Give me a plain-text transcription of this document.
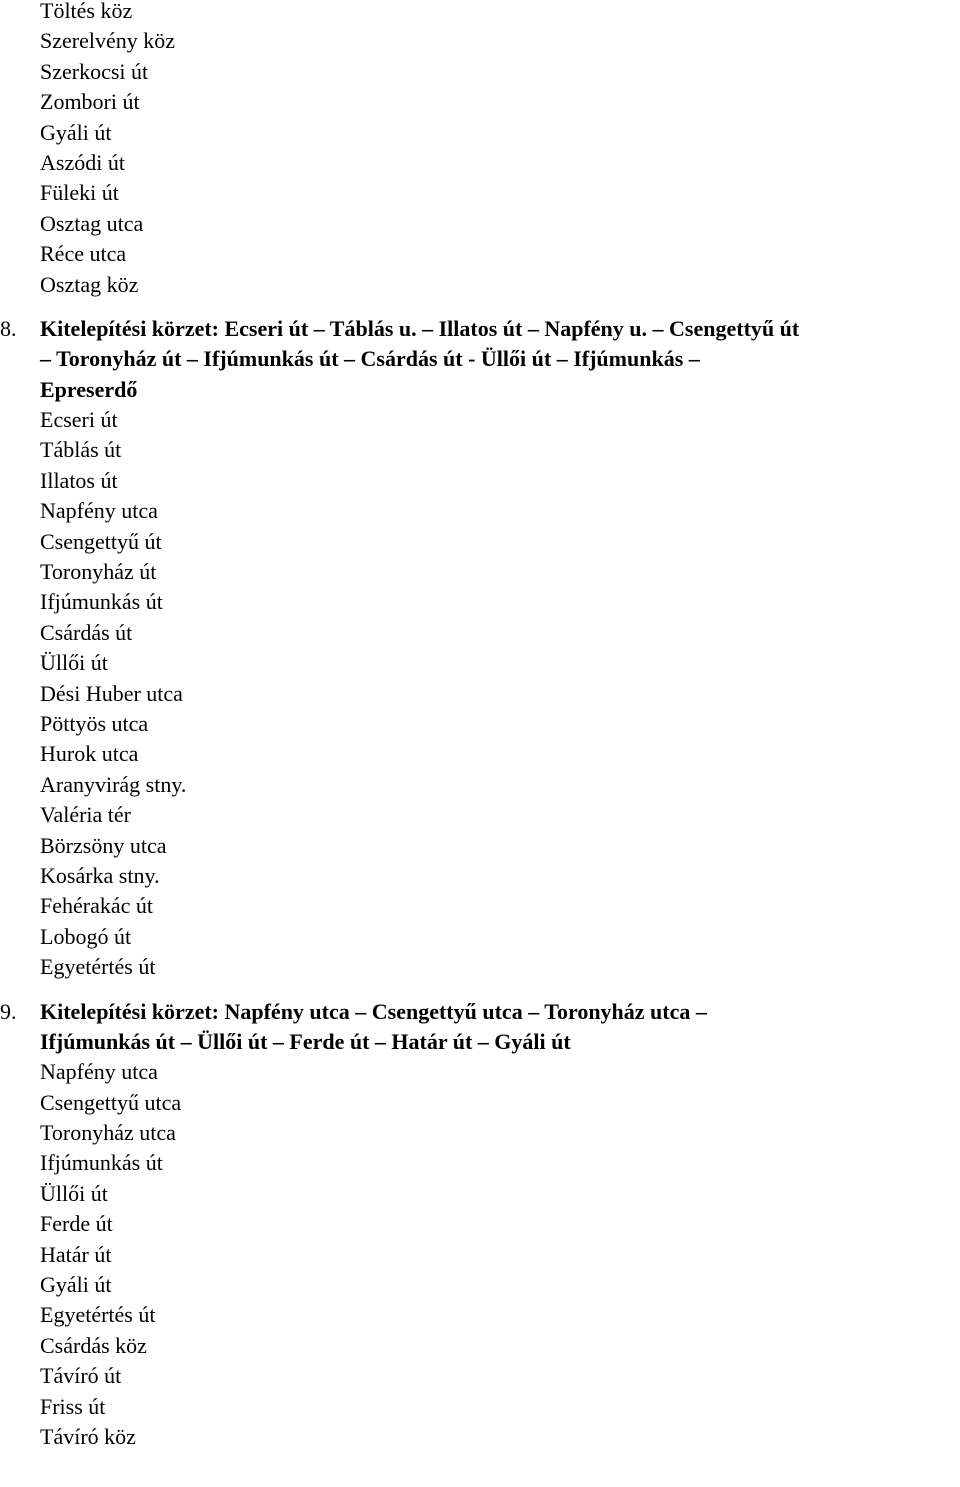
Töltés köz
Szerelvény köz
Szerkocsi út
Zombori út
Gyáli út
Aszódi út
Füleki út
Osztag utca
Réce utca
Osztag köz
8. Kitelepítési körzet: Ecseri út – Táblás u. – Illatos út – Napfény u. – Csengettyű út
– Toronyház út – Ifjúmunkás út – Csárdás út - Üllői út – Ifjúmunkás –
Epreserdő
Ecseri út
Táblás út
Illatos út
Napfény utca
Csengettyű út
Toronyház út
Ifjúmunkás út
Csárdás út
Üllői út
Dési Huber utca
Pöttyös utca
Hurok utca
Aranyvirág stny.
Valéria tér
Börzsöny utca
Kosárka stny.
Fehérakác út
Lobogó út
Egyetértés út
9. Kitelepítési körzet: Napfény utca – Csengettyű utca – Toronyház utca –
Ifjúmunkás út – Üllői út – Ferde út – Határ út – Gyáli út
Napfény utca
Csengettyű utca
Toronyház utca
Ifjúmunkás út
Üllői út
Ferde út
Határ út
Gyáli út
Egyetértés út
Csárdás köz
Távíró út
Friss út
Távíró köz
